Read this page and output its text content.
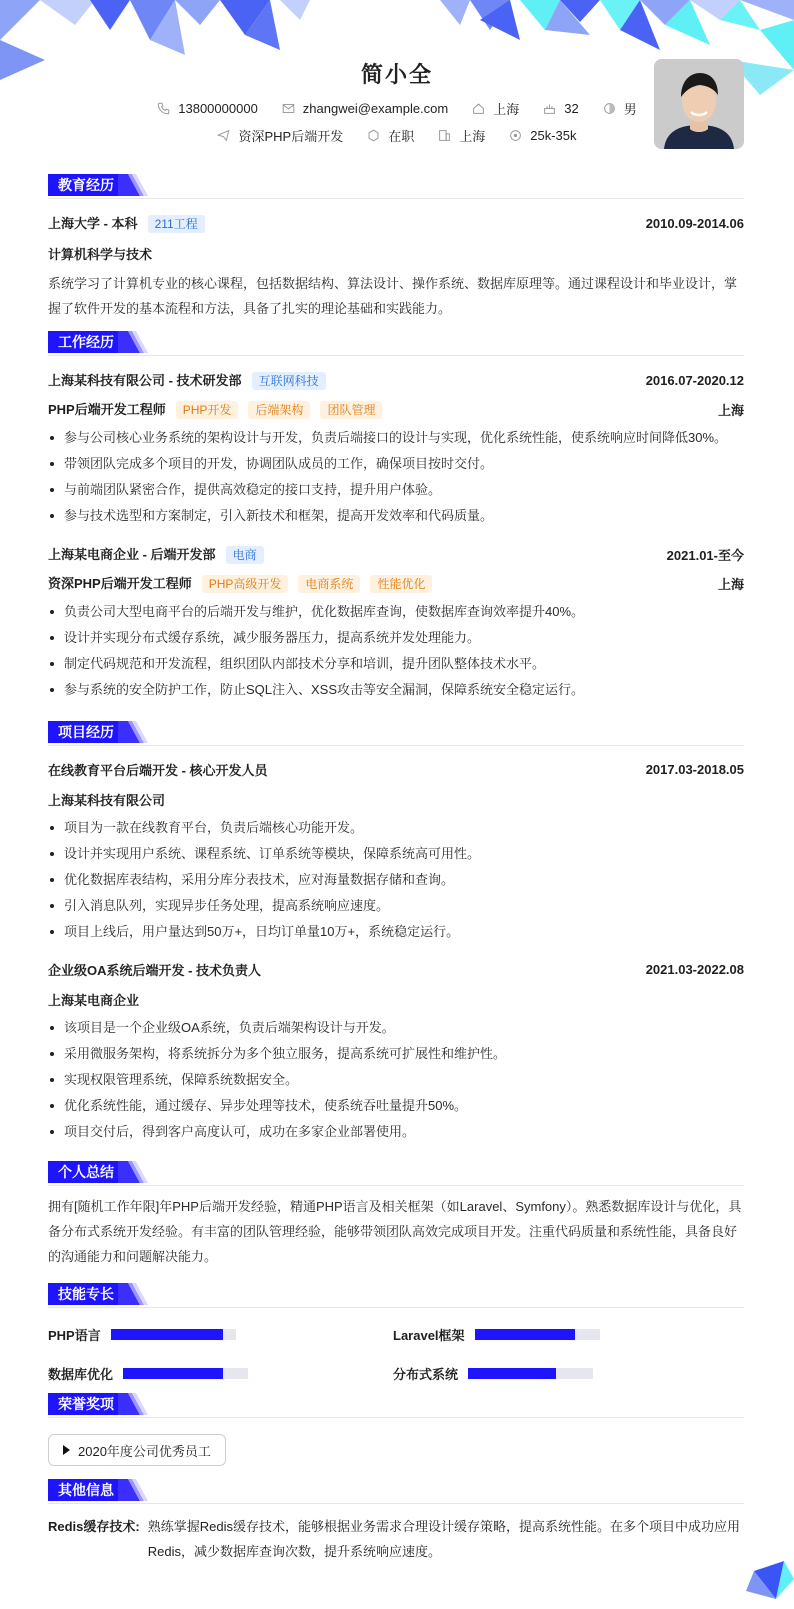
简小全
13800000000	zhangwei@example.com	上海	32	男
资深PHP后端开发	在职	上海	25k-35k
教育经历
上海大学 - 本科 211工程	2010.09-2014.06
计算机科学与技术
系统学习了计算机专业的核心课程，包括数据结构、算法设计、操作系统、数据库原理等。通过课程设计和毕业设计，掌握了软件开发的基本流程和方法，具备了扎实的理论基础和实践能力。
工作经历
上海某科技有限公司 - 技术研发部 互联网科技	2016.07-2020.12
PHP后端开发工程师 PHP开发 后端架构 团队管理	上海
参与公司核心业务系统的架构设计与开发，负责后端接口的设计与实现，优化系统性能，使系统响应时间降低30%。
带领团队完成多个项目的开发，协调团队成员的工作，确保项目按时交付。
与前端团队紧密合作，提供高效稳定的接口支持，提升用户体验。
参与技术选型和方案制定，引入新技术和框架，提高开发效率和代码质量。
上海某电商企业 - 后端开发部 电商	2021.01-至今
资深PHP后端开发工程师 PHP高级开发 电商系统 性能优化	上海
负责公司大型电商平台的后端开发与维护，优化数据库查询，使数据库查询效率提升40%。
设计并实现分布式缓存系统，减少服务器压力，提高系统并发处理能力。
制定代码规范和开发流程，组织团队内部技术分享和培训，提升团队整体技术水平。
参与系统的安全防护工作，防止SQL注入、XSS攻击等安全漏洞，保障系统安全稳定运行。
项目经历
在线教育平台后端开发 - 核心开发人员	2017.03-2018.05
上海某科技有限公司
项目为一款在线教育平台，负责后端核心功能开发。
设计并实现用户系统、课程系统、订单系统等模块，保障系统高可用性。
优化数据库表结构，采用分库分表技术，应对海量数据存储和查询。
引入消息队列，实现异步任务处理，提高系统响应速度。
项目上线后，用户量达到50万+，日均订单量10万+，系统稳定运行。
企业级OA系统后端开发 - 技术负责人	2021.03-2022.08
上海某电商企业
该项目是一个企业级OA系统，负责后端架构设计与开发。
采用微服务架构，将系统拆分为多个独立服务，提高系统可扩展性和维护性。
实现权限管理系统，保障系统数据安全。
优化系统性能，通过缓存、异步处理等技术，使系统吞吐量提升50%。
项目交付后，得到客户高度认可，成功在多家企业部署使用。
个人总结
拥有[随机工作年限]年PHP后端开发经验，精通PHP语言及相关框架（如Laravel、Symfony）。熟悉数据库设计与优化，具备分布式系统开发经验。有丰富的团队管理经验，能够带领团队高效完成项目开发。注重代码质量和系统性能，具备良好的沟通能力和问题解决能力。
技能专长
PHP语言	Laravel框架
数据库优化	分布式系统
荣誉奖项
2020年度公司优秀员工
其他信息
Redis缓存技术: 熟练掌握Redis缓存技术，能够根据业务需求合理设计缓存策略，提高系统性能。在多个项目中成功应用Redis，减少数据库查询次数，提升系统响应速度。
